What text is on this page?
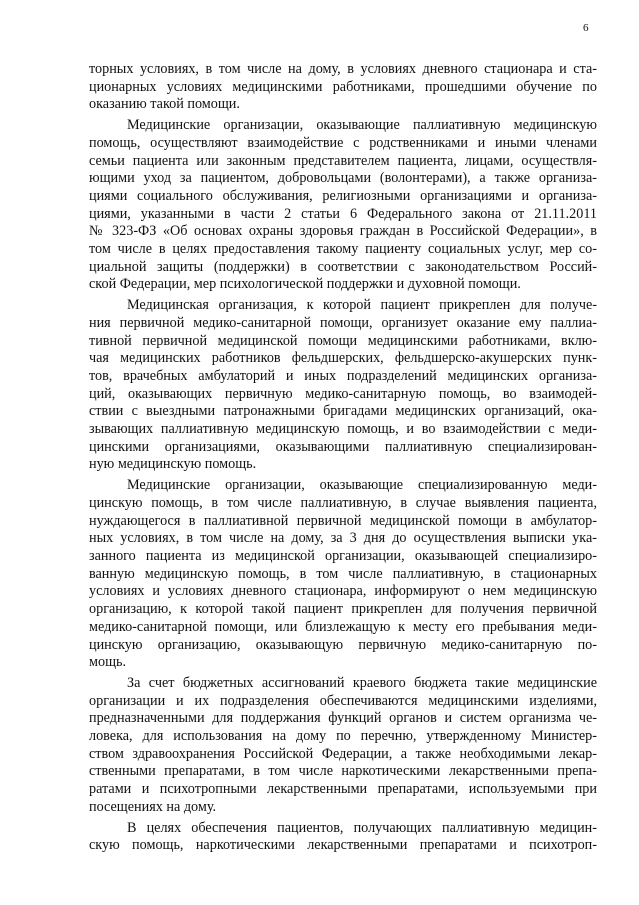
6

торных условиях, в том числе на дому, в условиях дневного стационара и ста-
ционарных условиях медицинскими работниками, прошедшими обучение по
оказанию такой помощи.

Медицинские организации, оказывающие паллиативную медицинскую
помощь, осуществляют взаимодействие с родственниками и иными членами
семьи пациента или законным представителем пациента, лицами, осуществля-
ющими уход за пациентом, добровольцами (волонтерами), а также организа-
циями социального обслуживания, религиозными организациями и организа-
циями, указанными в части 2 статьи 6 Федерального закона от 21.11.2011
№ 323-ФЗ «Об основах охраны здоровья граждан в Российской Федерации», в
том числе в целях предоставления такому пациенту социальных услуг, мер со-
циальной защиты (поддержки) в соответствии с законодательством Россий-
ской Федерации, мер психологической поддержки и духовной помощи.

Медицинская организация, к которой пациент прикреплен для получе-
ния первичной медико-санитарной помощи, организует оказание ему паллиа-
тивной первичной медицинской помощи медицинскими работниками, вклю-
чая медицинских работников фельдшерских, фельдшерско-акушерских пунк-
тов, врачебных амбулаторий и иных подразделений медицинских организа-
ций, оказывающих первичную медико-санитарную помощь, во взаимодей-
ствии с выездными патронажными бригадами медицинских организаций, ока-
зывающих паллиативную медицинскую помощь, и во взаимодействии с меди-
цинскими организациями, оказывающими паллиативную специализирован-
ную медицинскую помощь.

Медицинские организации, оказывающие специализированную меди-
цинскую помощь, в том числе паллиативную, в случае выявления пациента,
нуждающегося в паллиативной первичной медицинской помощи в амбулатор-
ных условиях, в том числе на дому, за 3 дня до осуществления выписки ука-
занного пациента из медицинской организации, оказывающей специализиро-
ванную медицинскую помощь, в том числе паллиативную, в стационарных
условиях и условиях дневного стационара, информируют о нем медицинскую
организацию, к которой такой пациент прикреплен для получения первичной
медико-санитарной помощи, или близлежащую к месту его пребывания меди-
цинскую организацию, оказывающую первичную медико-санитарную по-
мощь.

За счет бюджетных ассигнований краевого бюджета такие медицинские
организации и их подразделения обеспечиваются медицинскими изделиями,
предназначенными для поддержания функций органов и систем организма че-
ловека, для использования на дому по перечню, утвержденному Министер-
ством здравоохранения Российской Федерации, а также необходимыми лекар-
ственными препаратами, в том числе наркотическими лекарственными препа-
ратами и психотропными лекарственными препаратами, используемыми при
посещениях на дому.

В целях обеспечения пациентов, получающих паллиативную медицин-
скую помощь, наркотическими лекарственными препаратами и психотроп-
